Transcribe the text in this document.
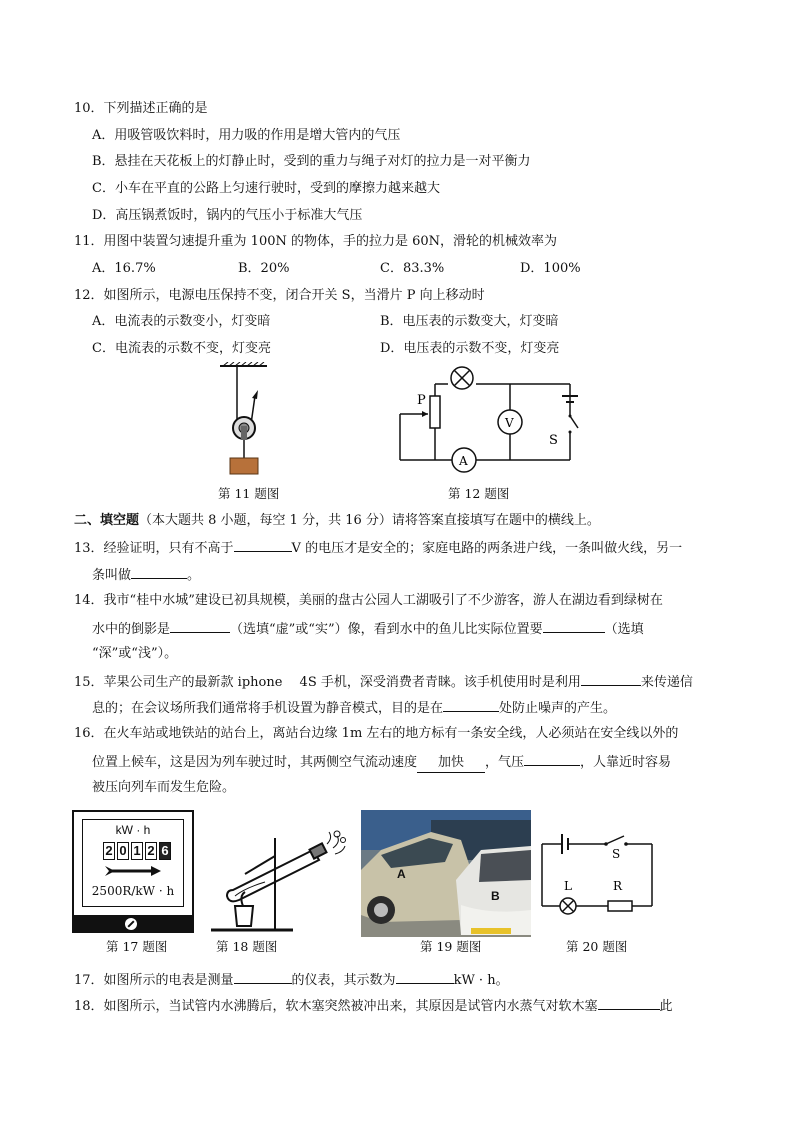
10．下列描述正确的是
A．用吸管吸饮料时，用力吸的作用是增大管内的气压
B．悬挂在天花板上的灯静止时，受到的重力与绳子对灯的拉力是一对平衡力
C．小车在平直的公路上匀速行驶时，受到的摩擦力越来越大
D．高压锅煮饭时，锅内的气压小于标准大气压
11．用图中装置匀速提升重为 100N 的物体，手的拉力是 60N，滑轮的机械效率为
A．16.7%	B．20%	C．83.3%	D．100%
12．如图所示，电源电压保持不变，闭合开关 S，当滑片 P 向上移动时
A．电流表的示数变小，灯变暗	B．电压表的示数变大，灯变暗
C．电流表的示数不变，灯变亮	D．电压表的示数不变，灯变亮
第 11 题图
P
V
S
A
第 12 题图
二、填空题（本大题共 8 小题，每空 1 分，共 16 分）请将答案直接填写在题中的横线上。
13．经验证明，只有不高于	V 的电压才是安全的；家庭电路的两条进户线，一条叫做火线，另一
条叫做	。
14．我市“桂中水城”建设已初具规模，美丽的盘古公园人工湖吸引了不少游客，游人在湖边看到绿树在
水中的倒影是	（选填“虚”或“实”）像，看到水中的鱼儿比实际位置要	（选填
“深”或“浅”）。
15．苹果公司生产的最新款 iphone　 4S 手机，深受消费者青睐。该手机使用时是利用	来传递信
息的；在会议场所我们通常将手机设置为静音模式，目的是在	处防止噪声的产生。
16．在火车站或地铁站的站台上，离站台边缘 1m 左右的地方标有一条安全线，人必须站在安全线以外的
位置上候车，这是因为列车驶过时，其两侧空气流动速度 加快 ，气压	，人靠近时容易
被压向列车而发生危险。
kW · h
2 0 1 2 6
2500R/kW · h
第 17 题图	第 18 题图
A
B
第 19 题图
S
L	R
第 20 题图
17．如图所示的电表是测量	的仪表，其示数为	kW · h。
18．如图所示，当试管内水沸腾后，软木塞突然被冲出来，其原因是试管内水蒸气对软木塞	此
